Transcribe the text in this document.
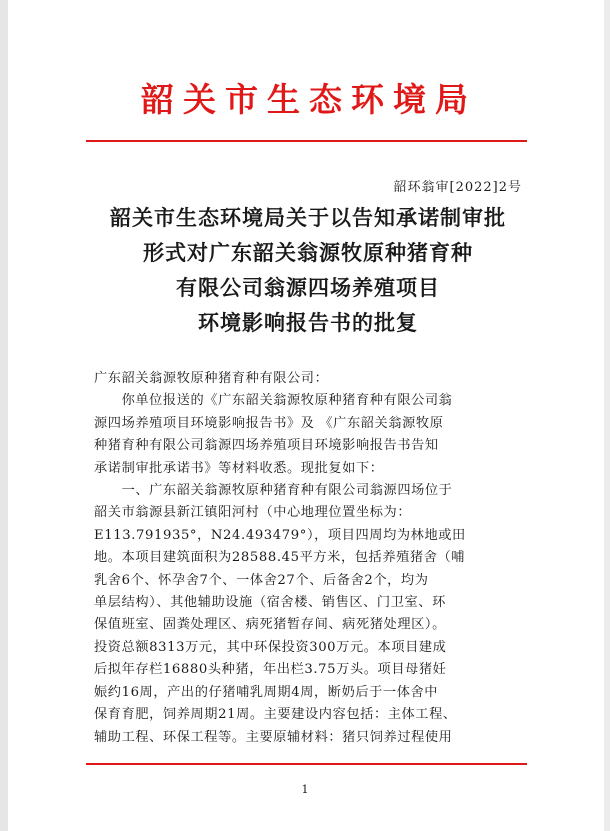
韶关市生态环境局
韶环翁审[2022]2号
韶关市生态环境局关于以告知承诺制审批
形式对广东韶关翁源牧原种猪育种
有限公司翁源四场养殖项目
环境影响报告书的批复
广东韶关翁源牧原种猪育种有限公司：
　　你单位报送的《广东韶关翁源牧原种猪育种有限公司翁
源四场养殖项目环境影响报告书》及 《广东韶关翁源牧原
种猪育种有限公司翁源四场养殖项目环境影响报告书告知
承诺制审批承诺书》等材料收悉。现批复如下：
　　一、广东韶关翁源牧原种猪育种有限公司翁源四场位于
韶关市翁源县新江镇阳河村（中心地理位置坐标为：
E113.791935°，N24.493479°），项目四周均为林地或田
地。本项目建筑面积为28588.45平方米，包括养殖猪舍（哺
乳舍6个、怀孕舍7个、一体舍27个、后备舍2个，均为
单层结构）、其他辅助设施（宿舍楼、销售区、门卫室、环
保值班室、固粪处理区、病死猪暂存间、病死猪处理区）。
投资总额8313万元，其中环保投资300万元。本项目建成
后拟年存栏16880头种猪，年出栏3.75万头。项目母猪妊
娠约16周，产出的仔猪哺乳周期4周，断奶后于一体舍中
保育育肥，饲养周期21周。主要建设内容包括：主体工程、
辅助工程、环保工程等。主要原辅材料：猪只饲养过程使用
1
